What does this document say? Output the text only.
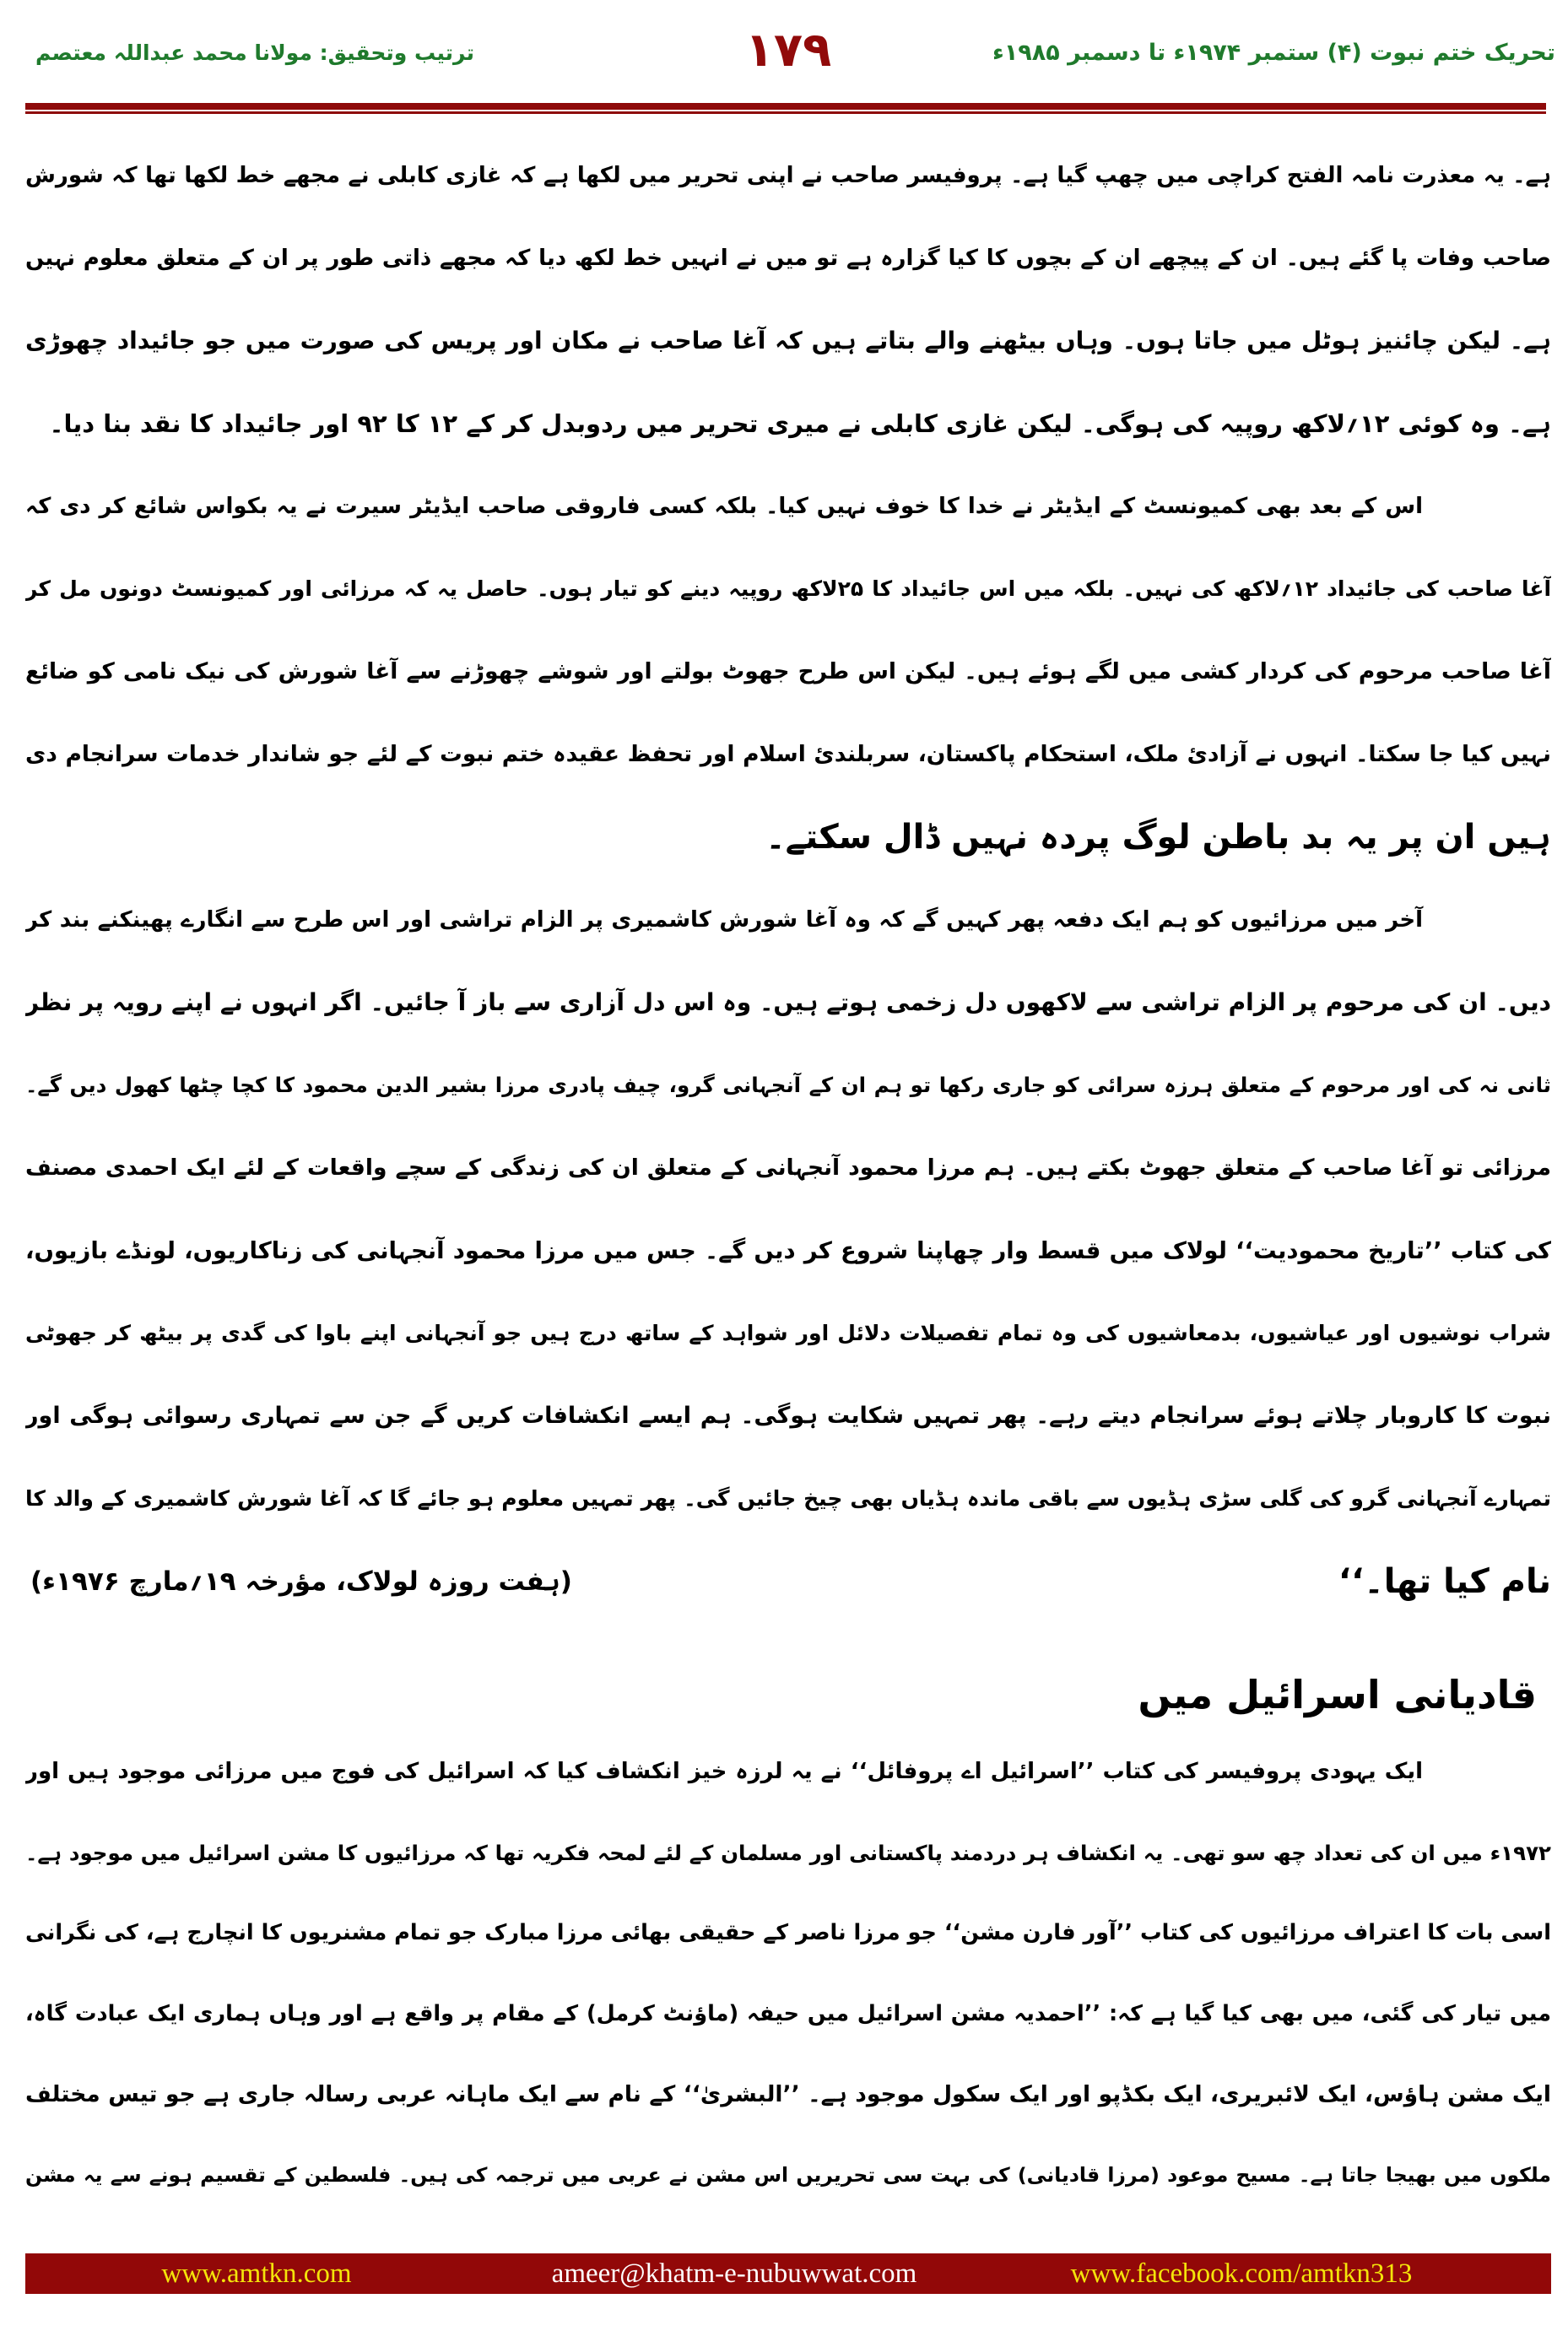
تحریک ختم نبوت (۴) ستمبر ۱۹۷۴ء تا دسمبر ۱۹۸۵ء
۱۷۹
ترتیب وتحقیق: مولانا محمد عبداللہ معتصم
ہے۔ یہ معذرت نامہ الفتح کراچی میں چھپ گیا ہے۔ پروفیسر صاحب نے اپنی تحریر میں لکھا ہے کہ غازی کابلی نے مجھے خط لکھا تھا کہ شورش
صاحب وفات پا گئے ہیں۔ ان کے پیچھے ان کے بچوں کا کیا گزارہ ہے تو میں نے انہیں خط لکھ دیا کہ مجھے ذاتی طور پر ان کے متعلق معلوم نہیں
ہے۔ لیکن چائنیز ہوٹل میں جاتا ہوں۔ وہاں بیٹھنے والے بتاتے ہیں کہ آغا صاحب نے مکان اور پریس کی صورت میں جو جائیداد چھوڑی
ہے۔ وہ کوئی ۱۲؍لاکھ روپیہ کی ہوگی۔ لیکن غازی کابلی نے میری تحریر میں ردوبدل کر کے ۱۲ کا ۹۲ اور جائیداد کا نقد بنا دیا۔
اس کے بعد بھی کمیونسٹ کے ایڈیٹر نے خدا کا خوف نہیں کیا۔ بلکہ کسی فاروقی صاحب ایڈیٹر سیرت نے یہ بکواس شائع کر دی کہ
آغا صاحب کی جائیداد ۱۲؍لاکھ کی نہیں۔ بلکہ میں اس جائیداد کا ۲۵لاکھ روپیہ دینے کو تیار ہوں۔ حاصل یہ کہ مرزائی اور کمیونسٹ دونوں مل کر
آغا صاحب مرحوم کی کردار کشی میں لگے ہوئے ہیں۔ لیکن اس طرح جھوٹ بولتے اور شوشے چھوڑنے سے آغا شورش کی نیک نامی کو ضائع
نہیں کیا جا سکتا۔ انہوں نے آزادیٔ ملک، استحکام پاکستان، سربلندیٔ اسلام اور تحفظ عقیدہ ختم نبوت کے لئے جو شاندار خدمات سرانجام دی
ہیں ان پر یہ بد باطن لوگ پردہ نہیں ڈال سکتے۔
آخر میں مرزائیوں کو ہم ایک دفعہ پھر کہیں گے کہ وہ آغا شورش کاشمیری پر الزام تراشی اور اس طرح سے انگارے پھینکنے بند کر
دیں۔ ان کی مرحوم پر الزام تراشی سے لاکھوں دل زخمی ہوتے ہیں۔ وہ اس دل آزاری سے باز آ جائیں۔ اگر انہوں نے اپنے رویہ پر نظر
ثانی نہ کی اور مرحوم کے متعلق ہرزہ سرائی کو جاری رکھا تو ہم ان کے آنجہانی گرو، چیف پادری مرزا بشیر الدین محمود کا کچا چٹھا کھول دیں گے۔
مرزائی تو آغا صاحب کے متعلق جھوٹ بکتے ہیں۔ ہم مرزا محمود آنجہانی کے متعلق ان کی زندگی کے سچے واقعات کے لئے ایک احمدی مصنف
کی کتاب ’’تاریخ محمودیت‘‘ لولاک میں قسط وار چھاپنا شروع کر دیں گے۔ جس میں مرزا محمود آنجہانی کی زناکاریوں، لونڈے بازیوں،
شراب نوشیوں اور عیاشیوں، بدمعاشیوں کی وہ تمام تفصیلات دلائل اور شواہد کے ساتھ درج ہیں جو آنجہانی اپنے باوا کی گدی پر بیٹھ کر جھوٹی
نبوت کا کاروبار چلاتے ہوئے سرانجام دیتے رہے۔ پھر تمہیں شکایت ہوگی۔ ہم ایسے انکشافات کریں گے جن سے تمہاری رسوائی ہوگی اور
تمہارے آنجہانی گرو کی گلی سڑی ہڈیوں سے باقی ماندہ ہڈیاں بھی چیخ جائیں گی۔ پھر تمہیں معلوم ہو جائے گا کہ آغا شورش کاشمیری کے والد کا
نام کیا تھا۔‘‘
(ہفت روزہ لولاک، مؤرخہ ۱۹؍مارچ ۱۹۷۶ء)
قادیانی اسرائیل میں
ایک یہودی پروفیسر کی کتاب ’’اسرائیل اے پروفائل‘‘ نے یہ لرزہ خیز انکشاف کیا کہ اسرائیل کی فوج میں مرزائی موجود ہیں اور
۱۹۷۲ء میں ان کی تعداد چھ سو تھی۔ یہ انکشاف ہر دردمند پاکستانی اور مسلمان کے لئے لمحہ فکریہ تھا کہ مرزائیوں کا مشن اسرائیل میں موجود ہے۔
اسی بات کا اعتراف مرزائیوں کی کتاب ’’آور فارن مشن‘‘ جو مرزا ناصر کے حقیقی بھائی مرزا مبارک جو تمام مشنریوں کا انچارج ہے، کی نگرانی
میں تیار کی گئی، میں بھی کیا گیا ہے کہ: ’’احمدیہ مشن اسرائیل میں حیفہ (ماؤنٹ کرمل) کے مقام پر واقع ہے اور وہاں ہماری ایک عبادت گاہ،
ایک مشن ہاؤس، ایک لائبریری، ایک بکڈپو اور ایک سکول موجود ہے۔ ’’البشریٰ‘‘ کے نام سے ایک ماہانہ عربی رسالہ جاری ہے جو تیس مختلف
ملکوں میں بھیجا جاتا ہے۔ مسیح موعود (مرزا قادیانی) کی بہت سی تحریریں اس مشن نے عربی میں ترجمہ کی ہیں۔ فلسطین کے تقسیم ہونے سے یہ مشن
www.amtkn.com	ameer@khatm-e-nubuwwat.com	www.facebook.com/amtkn313
